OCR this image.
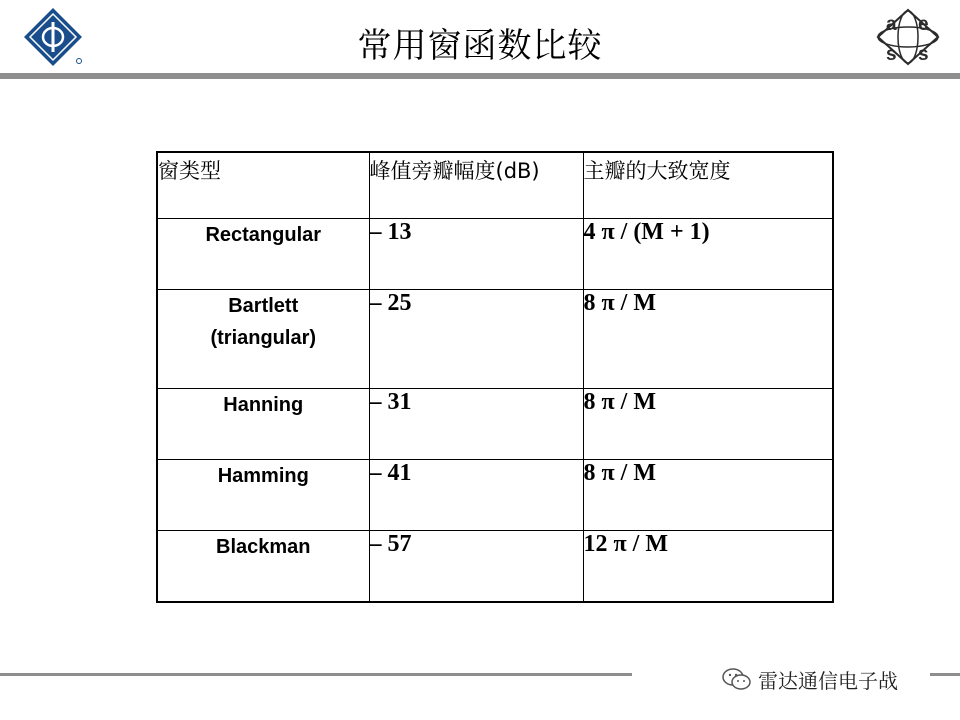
常用窗函数比较
a e
s s
窗类型	峰值旁瓣幅度(dB)	主瓣的大致宽度

Rectangular	– 13	4 π / (M + 1)

Bartlett
(triangular)	– 25	8 π / M

Hanning	– 31	8 π / M

Hamming	– 41	8 π / M

Blackman	– 57	12 π / M
雷达通信电子战
